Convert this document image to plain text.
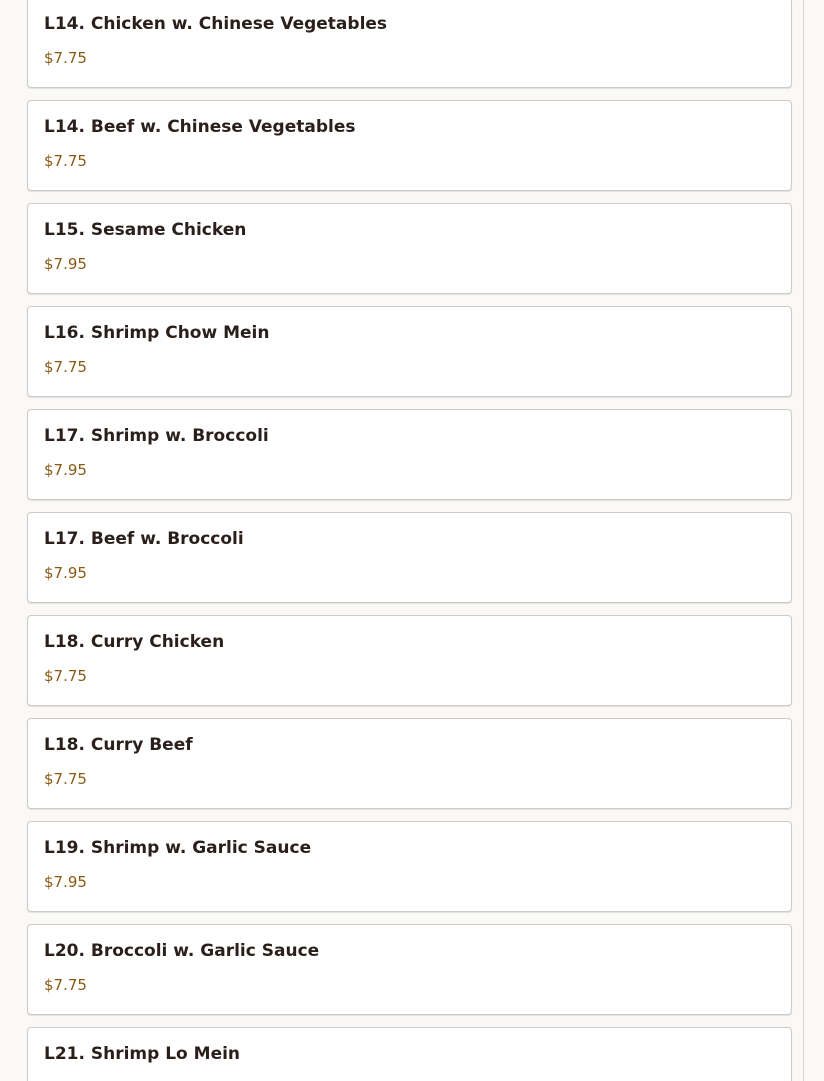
L14. Chicken w. Chinese Vegetables
$7.75
L14. Beef w. Chinese Vegetables
$7.75
L15. Sesame Chicken
$7.95
L16. Shrimp Chow Mein
$7.75
L17. Shrimp w. Broccoli
$7.95
L17. Beef w. Broccoli
$7.95
L18. Curry Chicken
$7.75
L18. Curry Beef
$7.75
L19. Shrimp w. Garlic Sauce
$7.95
L20. Broccoli w. Garlic Sauce
$7.75
L21. Shrimp Lo Mein
